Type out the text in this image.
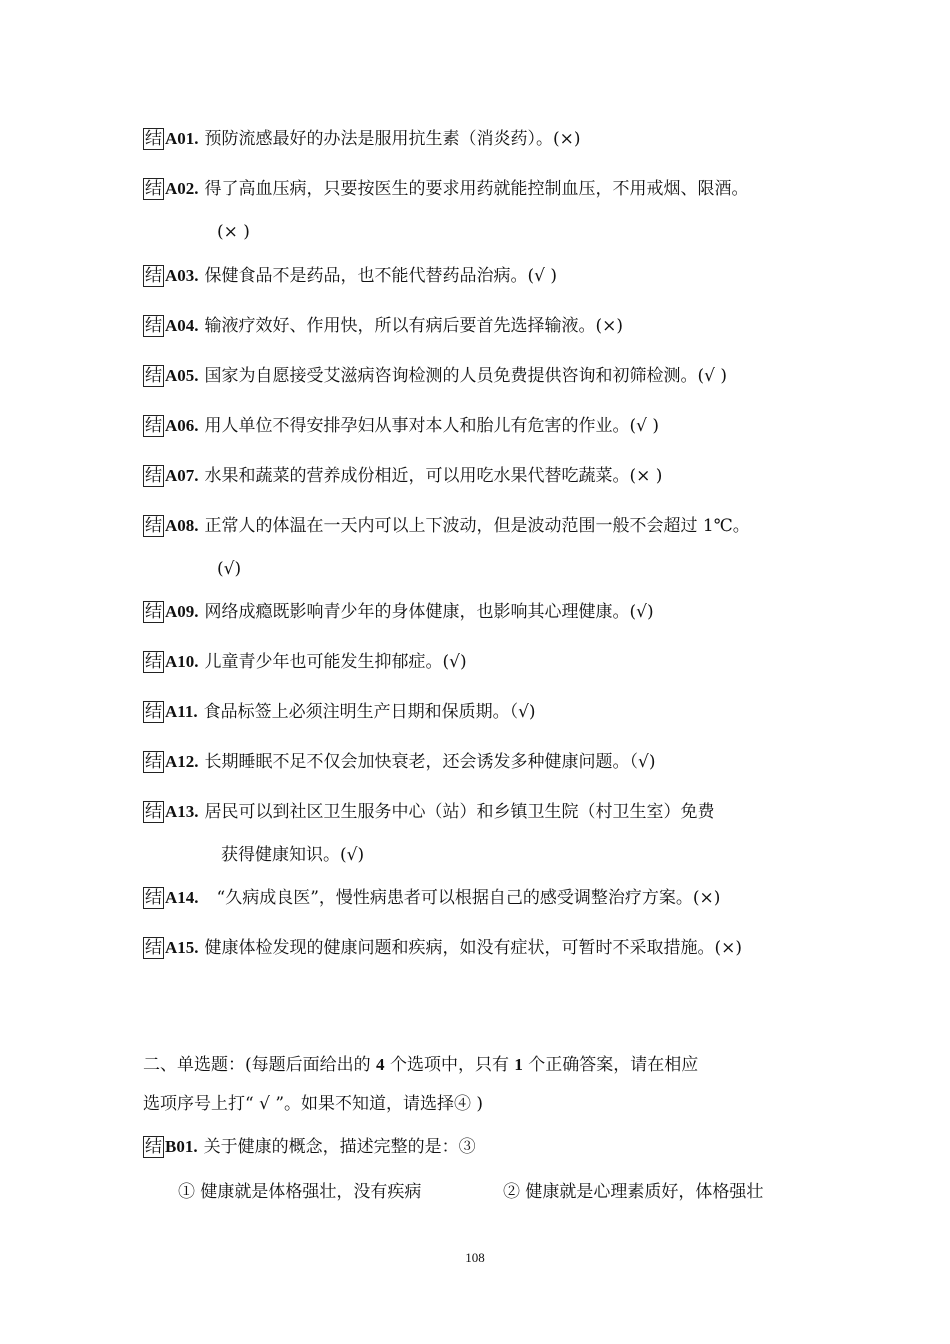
结 A01. 预防流感最好的办法是服用抗生素（消炎药）。(×)
结 A02. 得了高血压病，只要按医生的要求用药就能控制血压，不用戒烟、限酒。
(× )
结 A03. 保健食品不是药品，也不能代替药品治病。(√ )
结 A04. 输液疗效好、作用快，所以有病后要首先选择输液。(×)
结 A05. 国家为自愿接受艾滋病咨询检测的人员免费提供咨询和初筛检测。(√ )
结 A06. 用人单位不得安排孕妇从事对本人和胎儿有危害的作业。(√ )
结 A07. 水果和蔬菜的营养成份相近，可以用吃水果代替吃蔬菜。(× )
结 A08. 正常人的体温在一天内可以上下波动，但是波动范围一般不会超过 1℃。
(√)
结 A09. 网络成瘾既影响青少年的身体健康，也影响其心理健康。(√)
结 A10. 儿童青少年也可能发生抑郁症。(√)
结 A11. 食品标签上必须注明生产日期和保质期。（√)
结 A12. 长期睡眠不足不仅会加快衰老，还会诱发多种健康问题。（√)
结 A13. 居民可以到社区卫生服务中心（站）和乡镇卫生院（村卫生室）免费
获得健康知识。(√)
结 A14. “久病成良医”，慢性病患者可以根据自己的感受调整治疗方案。(×)
结 A15. 健康体检发现的健康问题和疾病，如没有症状，可暂时不采取措施。(×)
二、单选题：(每题后面给出的 4 个选项中，只有 1 个正确答案，请在相应
选项序号上打“ √ ”。如果不知道，请选择④ )
结 B01. 关于健康的概念，描述完整的是：③
① 健康就是体格强壮，没有疾病	② 健康就是心理素质好，体格强壮
108
